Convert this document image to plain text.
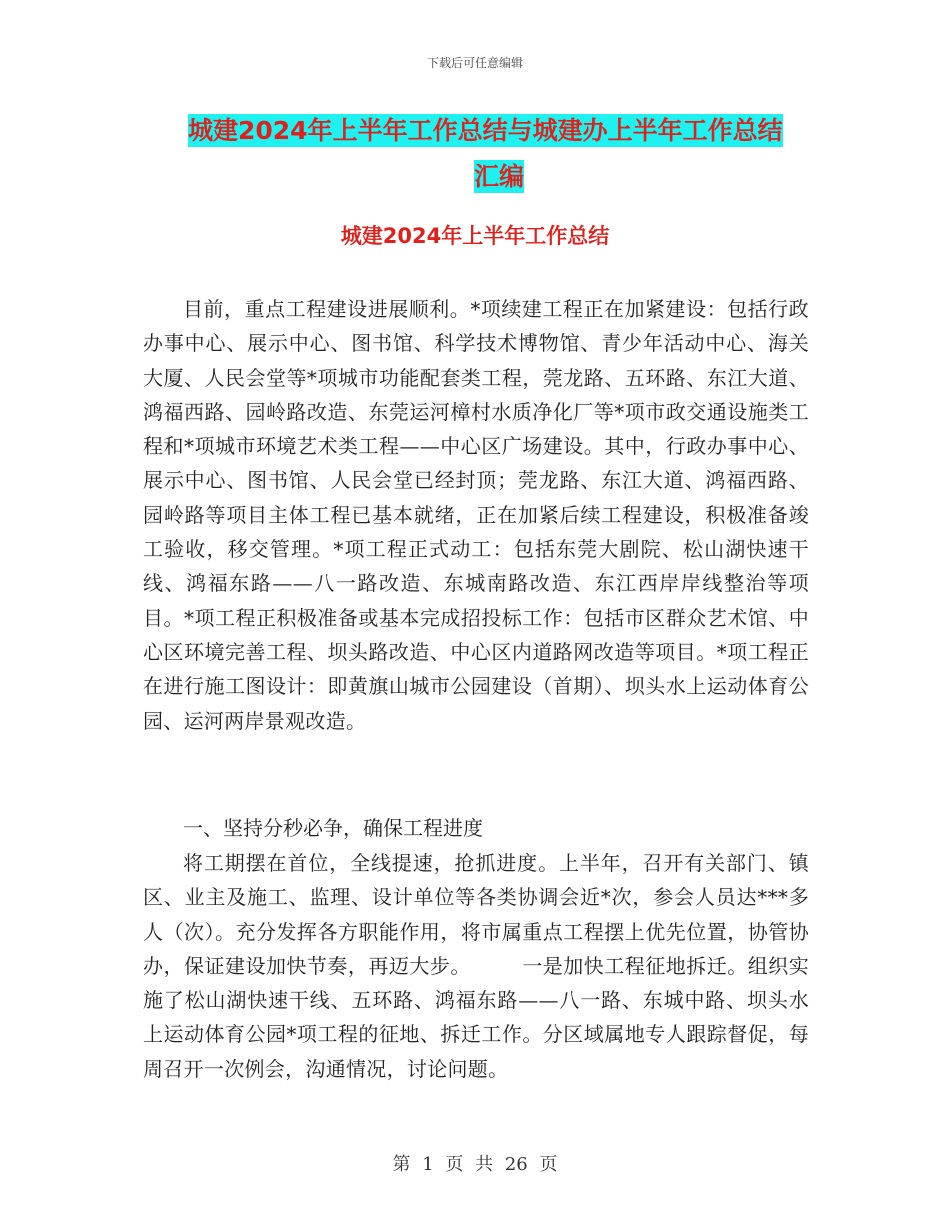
下载后可任意编辑
城建2024年上半年工作总结与城建办上半年工作总结
汇编
城建2024年上半年工作总结

目前，重点工程建设进展顺利。*项续建工程正在加紧建设：包括行政办事中心、展示中心、图书馆、科学技术博物馆、青少年活动中心、海关大厦、人民会堂等*项城市功能配套类工程，莞龙路、五环路、东江大道、鸿福西路、园岭路改造、东莞运河樟村水质净化厂等*项市政交通设施类工程和*项城市环境艺术类工程——中心区广场建设。其中，行政办事中心、展示中心、图书馆、人民会堂已经封顶；莞龙路、东江大道、鸿福西路、园岭路等项目主体工程已基本就绪，正在加紧后续工程建设，积极准备竣工验收，移交管理。*项工程正式动工：包括东莞大剧院、松山湖快速干线、鸿福东路——八一路改造、东城南路改造、东江西岸岸线整治等项目。*项工程正积极准备或基本完成招投标工作：包括市区群众艺术馆、中心区环境完善工程、坝头路改造、中心区内道路网改造等项目。*项工程正在进行施工图设计：即黄旗山城市公园建设（首期）、坝头水上运动体育公园、运河两岸景观改造。

一、坚持分秒必争，确保工程进度

将工期摆在首位，全线提速，抢抓进度。上半年，召开有关部门、镇区、业主及施工、监理、设计单位等各类协调会近*次，参会人员达***多人（次）。充分发挥各方职能作用，将市属重点工程摆上优先位置，协管协办，保证建设加快节奏，再迈大步。　　　一是加快工程征地拆迁。组织实施了松山湖快速干线、五环路、鸿福东路——八一路、东城中路、坝头水上运动体育公园*项工程的征地、拆迁工作。分区域属地专人跟踪督促，每周召开一次例会，沟通情况，讨论问题。

第 1 页 共 26 页
